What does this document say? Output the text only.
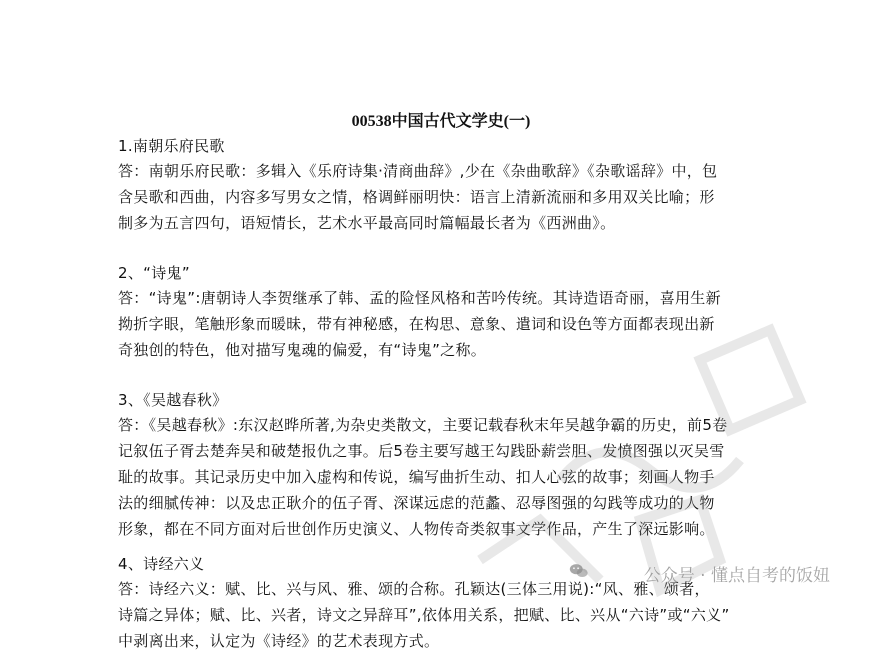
00538中国古代文学史(一)
1.南朝乐府民歌
答：南朝乐府民歌：多辑入《乐府诗集·清商曲辞》,少在《杂曲歌辞》《杂歌谣辞》中，包
含吴歌和西曲，内容多写男女之情，格调鲜丽明快：语言上清新流丽和多用双关比喻；形
制多为五言四句，语短情长，艺术水平最高同时篇幅最长者为《西洲曲》。
2、“诗鬼”
答：“诗鬼”:唐朝诗人李贺继承了韩、孟的险怪风格和苦吟传统。其诗造语奇丽，喜用生新
拗折字眼，笔触形象而暖昧，带有神秘感，在构思、意象、遣词和设色等方面都表现出新
奇独创的特色，他对描写鬼魂的偏爱，有“诗鬼”之称。
3、《吴越春秋》
答：《吴越春秋》:东汉赵晔所著,为杂史类散文，主要记载春秋末年吴越争霸的历史，前5卷
记叙伍子胥去楚奔吴和破楚报仇之事。后5卷主要写越王勾践卧薪尝胆、发愤图强以灭吴雪
耻的故事。其记录历史中加入虚构和传说，编写曲折生动、扣人心弦的故事；刻画人物手
法的细腻传神：以及忠正耿介的伍子胥、深谋远虑的范蠡、忍辱图强的勾践等成功的人物
形象，都在不同方面对后世创作历史演义、人物传奇类叙事文学作品，产生了深远影响。
4、诗经六义
答：诗经六义：赋、比、兴与风、雅、颂的合称。孔颖达(三体三用说):“风、雅、颂者，
诗篇之异体；赋、比、兴者，诗文之异辞耳”,依体用关系，把赋、比、兴从“六诗”或“六义”
中剥离出来，认定为《诗经》的艺术表现方式。
公众号 · 懂点自考的饭妞
